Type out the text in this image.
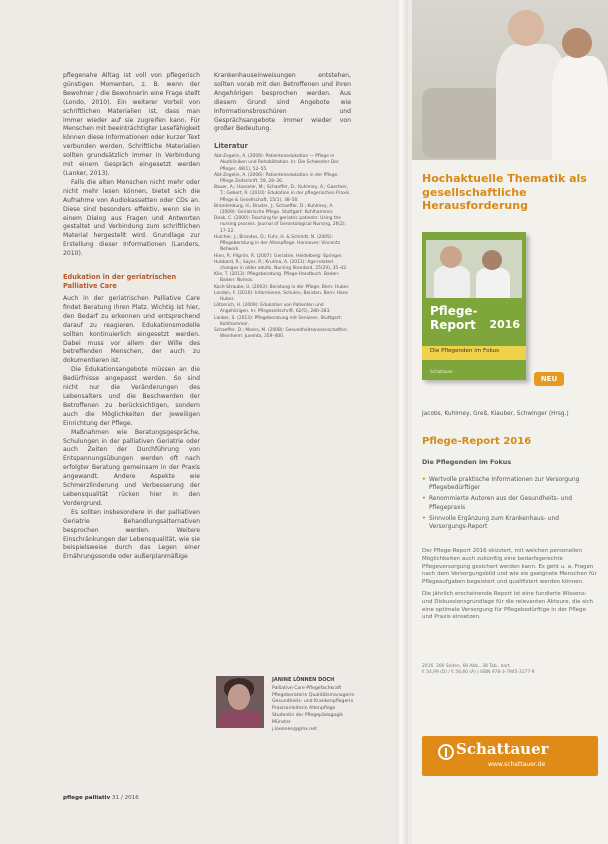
pflegenahe Alltag ist voll von pflegerisch günstigen Momenten, z. B. wenn der Bewohner / die Bewohnerin eine Frage stellt (Londo, 2010). Ein weiterer Vorteil von schriftlichen Materialien ist, dass man immer wieder auf sie zugreifen kann. Für Menschen mit beeinträchtigter Lesefähigkeit können diese Informationen oder kurzer Text verbunden werden. Schriftliche Materialien sollten grundsätzlich immer in Verbindung mit einem Gespräch eingesetzt werden (Lanker, 2013).

Falls die alten Menschen nicht mehr oder nicht mehr lesen können, bietet sich die Aufnahme von Audiokassetten oder CDs an. Diese sind besonders effektiv, wenn sie in einem Dialog aus Fragen und Antworten gestaltet und Verbindung zum schriftlichen Material hergestellt wird. Grundlage zur Erstellung dieser Informationen (Landers, 2010).

Edukation in der geriatrischen Palliative Care

Auch in der geriatrischen Palliative Care findet Beratung ihren Platz. Wichtig ist hier, den Bedarf zu erkennen und entsprechend darauf zu reagieren. Edukationsmodelle sollten kontinuierlich eingesetzt werden. Dabei muss vor allem der Wille des betreffenden Menschen, der auch zu dokumentieren ist.

Die Edukationsangebote müssen an die Bedürfnisse angepasst werden. So sind nicht nur die Veränderungen des Lebensalters und die Beschwerden der Betroffenen zu berücksichtigen, sondern auch die Möglichkeiten der jeweiligen Einrichtung der Pflege.

Maßnahmen wie Beratungsgespräche, Schulungen in der palliativen Geriatrie oder auch Zeiten der Durchführung von Entspannungsübungen werden oft nach erfolgter Beratung gemeinsam in der Praxis angewandt. Andere Aspekte wie Schmerzlinderung und Verbesserung der Lebensqualität rücken hier in den Vordergrund.

Es sollten insbesondere in der palliativen Geriatrie Behandlungsalternativen besprochen werden. Weitere Einschränkungen der Lebensqualität, wie sie beispielsweise durch das Legen einer Ernährungssonde oder außerplanmäßige

Krankenhauseinweisungen entstehen, sollten vorab mit den Betroffenen und ihren Angehörigen besprochen werden. Aus diesem Grund sind Angebote wie Informationsbroschüren und Gesprächsangebote immer wieder von großer Bedeutung.

Literatur
Abt-Zegelin, A. (2009): Patientenedukation — Pflege in Akutkliniken und Rehabilitation. In: Die Schwester Der Pfleger, 48(1), 52–55.
Abt-Zegelin, A. (2006): Patientenedukation in der Pflege. Pflege Zeitschrift, 59, 28–30.
Bauer, A.; Hasseler, M.; Schaeffer, D.; Kuhlmey, A.; Gaertner, T.; Gebert, R. (2010): Edukation in der pflegerischen Praxis. Pflege & Gesellschaft, 15(1), 38–50.
Brandenburg, H.; Bruder, J.; Schaeffer, D.; Kuhlmey, A. (2009): Geriatrische Pflege. Stuttgart: Kohlhammer.
Doak, C. (2000): Teaching for geriatric patients: Using the nursing process. Journal of Gerontological Nursing, 26(2), 17–22.
Hulcher, J.; Brandes, D.; Fuhr, H. & Schmitt, N. (2005): Pflegeberatung in der Altenpflege. Hannover: Vincentz Network.
Hien, P.; Pilgrim, R. (2007): Geriatrie. Heidelberg: Springer.
Hubbard, R.; Sayer, R.; Krutina, A. (2011): Age-related changes in older adults. Nursing Standard, 25(20), 35–42.
Klie, T. (2013): Pflegeberatung. Pflege-Handbuch. Baden-Baden: Nomos.
Koch-Straube, U. (2003): Beratung in der Pflege. Bern: Huber.
London, F. (2010): Informieren, Schulen, Beraten. Bern: Hans Huber.
Lötzerich, H. (2009): Edukation von Patienten und Angehörigen. In: Pflegezeitschrift, 62(5), 280–283.
Lanker, S. (2013): Pflegeberatung mit Senioren. Stuttgart: Kohlhammer.
Schaeffer, D.; Moers, M. (2008): Gesundheitswissenschaften. Weinheim: Juventa, 359–400.
JANINE LÖNNEN DOCH
Palliative Care-Pflegefachkraft
Pflegeberaterin Qualitätsmanagerin
Gesundheits- und Krankenpflegerin
Praxisanleiterin Altenpflege
Studentin der Pflegepädagogik
Münster
j.loennen@gmx.net
pflege palliativ 31 / 2016
Hochaktuelle Thematik als gesellschaftliche Herausforderung
Pflege-Report	2016
Die Pflegenden im Fokus
Schattauer
NEU
Jacobs, Kuhlmey, Greß, Klauber, Schwinger (Hrsg.)
Pflege-Report 2016
Die Pflegenden im Fokus
• Wertvolle praktische Informationen zur Versorgung Pflegebedürftiger
• Renommierte Autoren aus der Gesundheits- und Pflegepraxis
• Sinnvolle Ergänzung zum Krankenhaus- und Versorgungs-Report

Der Pflege-Report 2016 skizziert, mit welchen personellen Möglichkeiten auch zukünftig eine bedarfsgerechte Pflegeversorgung gesichert werden kann. Es geht u. a. Fragen nach dem Versorgungsbild und wie sie geeignete Menschen für Pflegeaufgaben begeistert und qualifiziert werden können.

Die jährlich erscheinende Report ist eine fundierte Wissens- und Diskussionsgrundlage für die relevanten Akteure, die sich eine optimale Versorgung für Pflegebedürftige in der Pflege und Praxis einsetzen.

2016. 266 Seiten, 68 Abb., 38 Tab., kart.
€ 54,99 (D) / € 56,60 (A) | ISBN 978-3-7945-3177-9
Schattauer
www.schattauer.de
